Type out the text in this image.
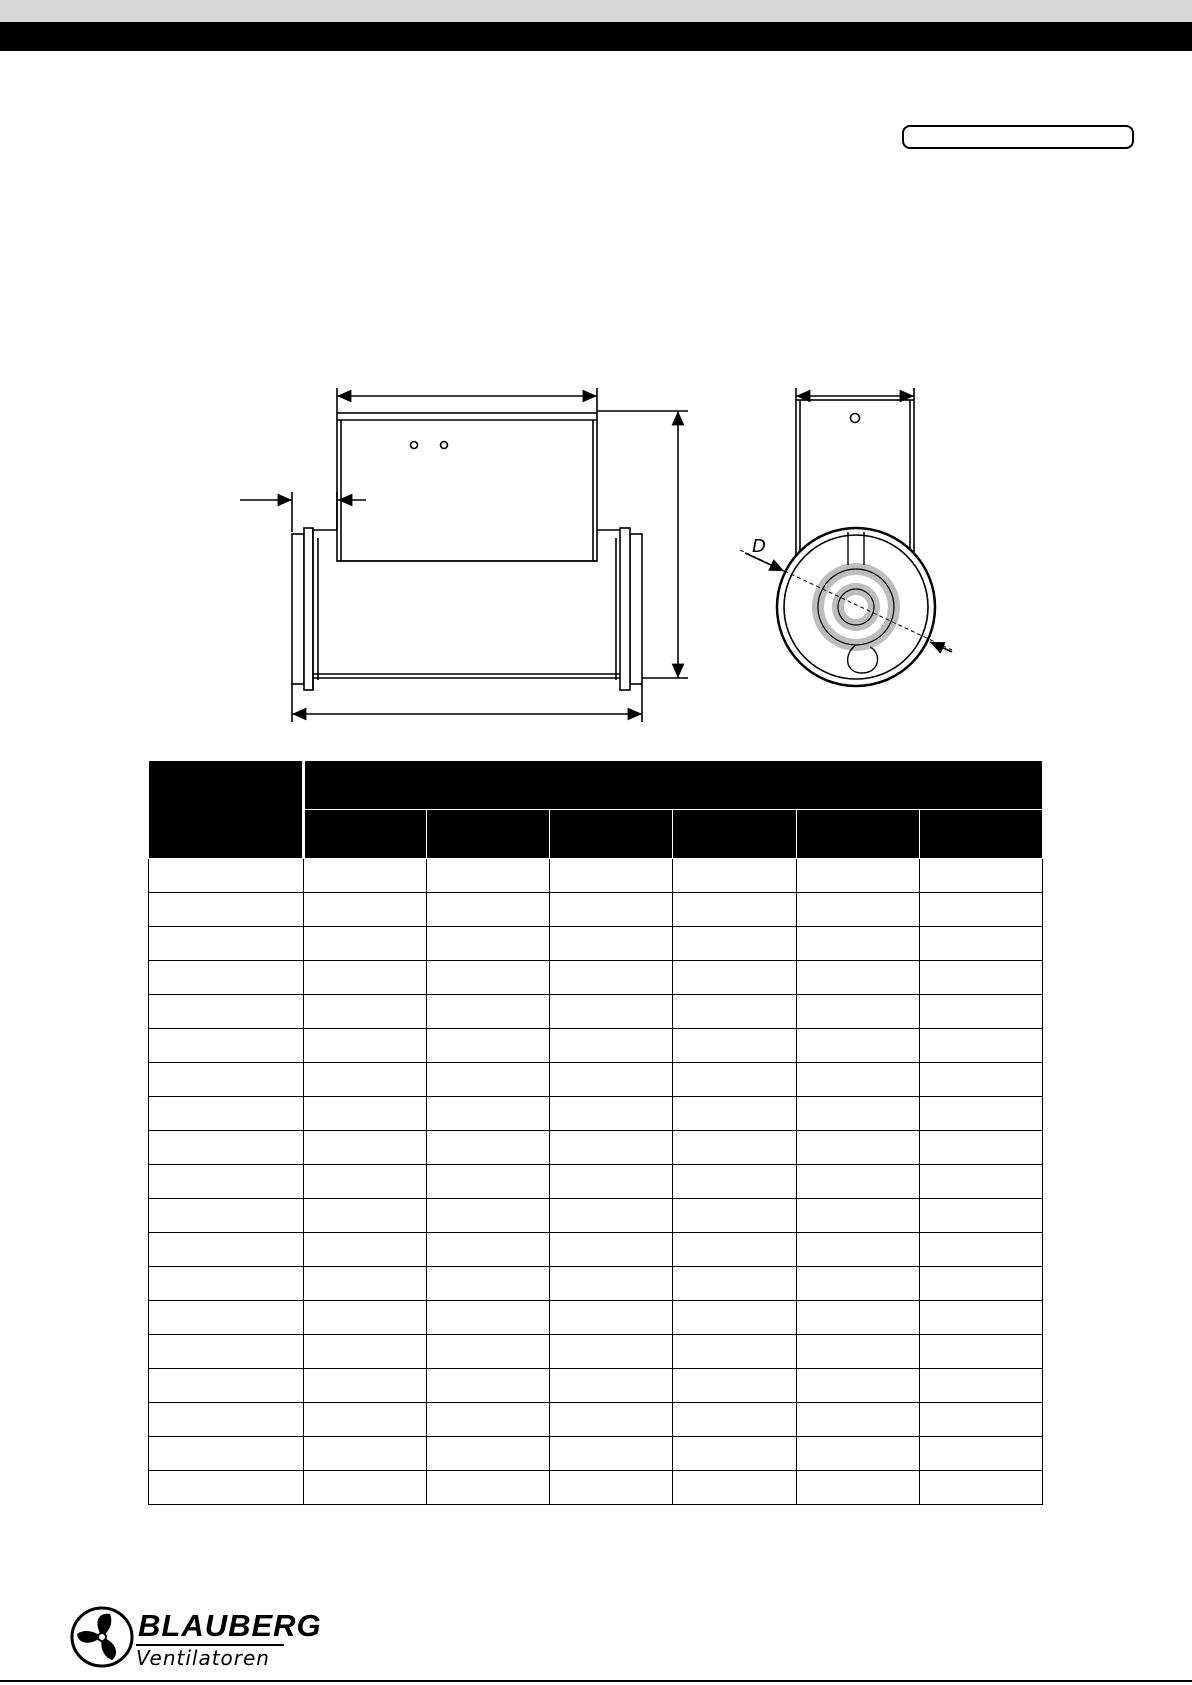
D

BLAUBERG
Ventilatoren
